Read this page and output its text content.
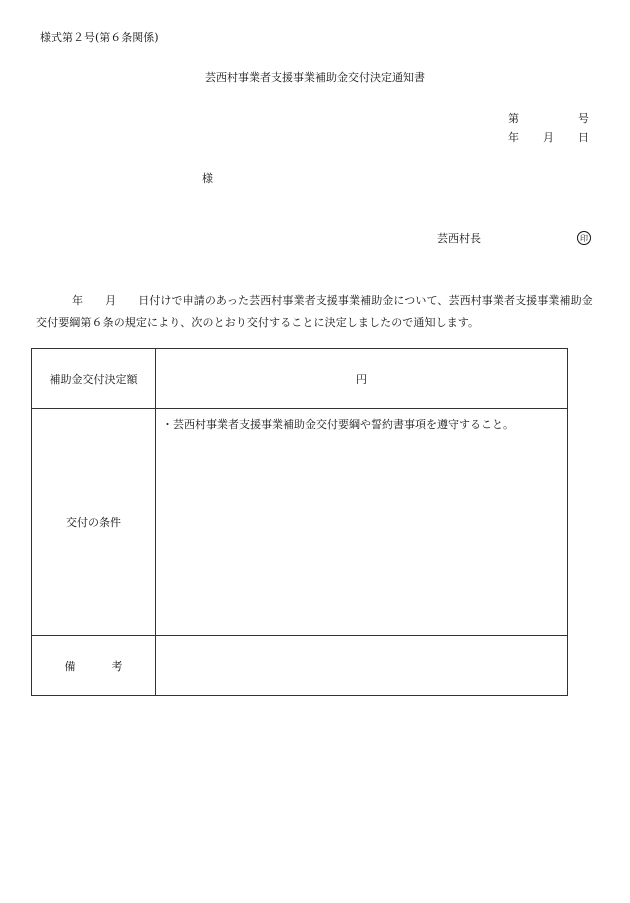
様式第２号(第６条関係)
芸西村事業者支援事業補助金交付決定通知書
第	号
年 月 日
様
芸西村長	印
年 月 日付けで申請のあった芸西村事業者支援事業補助金について、芸西村事業者支援事業補助金交付要綱第６条の規定により、次のとおり交付することに決定しましたので通知します。
補助金交付決定額	円
交付の条件	・芸西村事業者支援事業補助金交付要綱や誓約書事項を遵守すること。
備 考	
